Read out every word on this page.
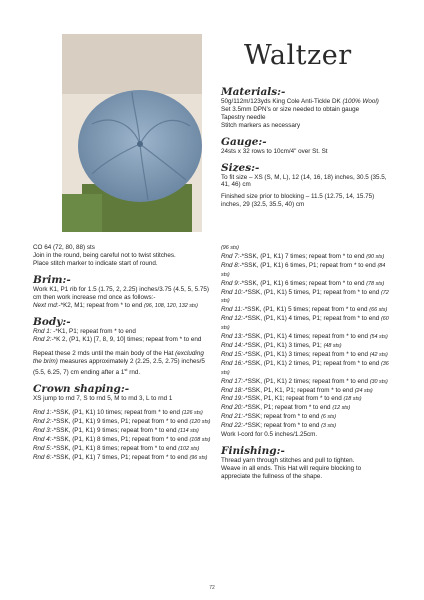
Waltzer

Materials:-

50g/112m/123yds King Cole Anti-Tickle DK (100% Wool)

Set 3.5mm DPN’s or size needed to obtain gauge

Tapestry needle

Stitch markers as necessary

Gauge:-

24sts x 32 rows to 10cm/4" over St. St

Sizes:-

To fit size – XS (S, M, L), 12 (14, 16, 18) inches, 30.5 (35.5, 41, 46) cm

Finished size prior to blocking – 11.5 (12.75, 14, 15.75) inches, 29 (32.5, 35.5, 40) cm

CO 64 (72, 80, 88) sts

Join in the round, being careful not to twist stitches.

Place stitch marker to indicate start of round.

Brim:-

Work K1, P1 rib for 1.5 (1.75, 2, 2.25) inches/3.75 (4.5, 5, 5.75) cm then work increase rnd once as follows:-

Next rnd:-*K2, M1; repeat from * to end (96, 108, 120, 132 sts)

Body:-

Rnd 1: -*K1, P1; repeat from * to end

Rnd 2:-*K 2, (P1, K1) [7, 8, 9, 10] times; repeat from * to end

Repeat these 2 rnds until the main body of the Hat (excluding the brim) measures approximately 2 (2.25, 2.5, 2.75) inches/5 (5.5, 6.25, 7) cm ending after a 1st rnd.

Crown shaping:-

XS jump to rnd 7, S to rnd 5, M to rnd 3, L to rnd 1

Rnd 1:-*SSK, (P1, K1) 10 times; repeat from * to end (126 sts)

Rnd 2:-*SSK, (P1, K1) 9 times, P1; repeat from * to end (120 sts)

Rnd 3:-*SSK, (P1, K1) 9 times; repeat from * to end (114 sts)

Rnd 4:-*SSK, (P1, K1) 8 times, P1; repeat from * to end (108 sts)

Rnd 5:-*SSK, (P1, K1) 8 times; repeat from * to end (102 sts)

Rnd 6:-*SSK, (P1, K1) 7 times, P1; repeat from * to end (96 sts)

(96 sts)

Rnd 7:-*SSK, (P1, K1) 7 times; repeat from * to end (90 sts)

Rnd 8:-*SSK, (P1, K1) 6 times, P1; repeat from * to end (84 sts)

Rnd 9:-*SSK, (P1, K1) 6 times; repeat from * to end (78 sts)

Rnd 10:-*SSK, (P1, K1) 5 times, P1; repeat from * to end (72 sts)

Rnd 11:-*SSK, (P1, K1) 5 times; repeat from * to end (66 sts)

Rnd 12:-*SSK, (P1, K1) 4 times, P1; repeat from * to end (60 sts)

Rnd 13:-*SSK, (P1, K1) 4 times; repeat from * to end (54 sts)

Rnd 14:-*SSK, (P1, K1) 3 times, P1; (48 sts)

Rnd 15:-*SSK, (P1, K1) 3 times; repeat from * to end (42 sts)

Rnd 16:-*SSK, (P1, K1) 2 times, P1; repeat from * to end (36 sts)

Rnd 17:-*SSK, (P1, K1) 2 times; repeat from * to end (30 sts)

Rnd 18:-*SSK, P1, K1, P1; repeat from * to end (24 sts)

Rnd 19:-*SSK, P1, K1; repeat from * to end (18 sts)

Rnd 20:-*SSK, P1; repeat from * to end (12 sts)

Rnd 21:-*SSK; repeat from * to end (6 sts)

Rnd 22:-*SSK; repeat from * to end (3 sts)

Work I-cord for 0.5 inches/1.25cm.

Finishing:-

Thread yarn through stitches and pull to tighten.

Weave in all ends. This Hat will require blocking to appreciate the fullness of the shape.

72
